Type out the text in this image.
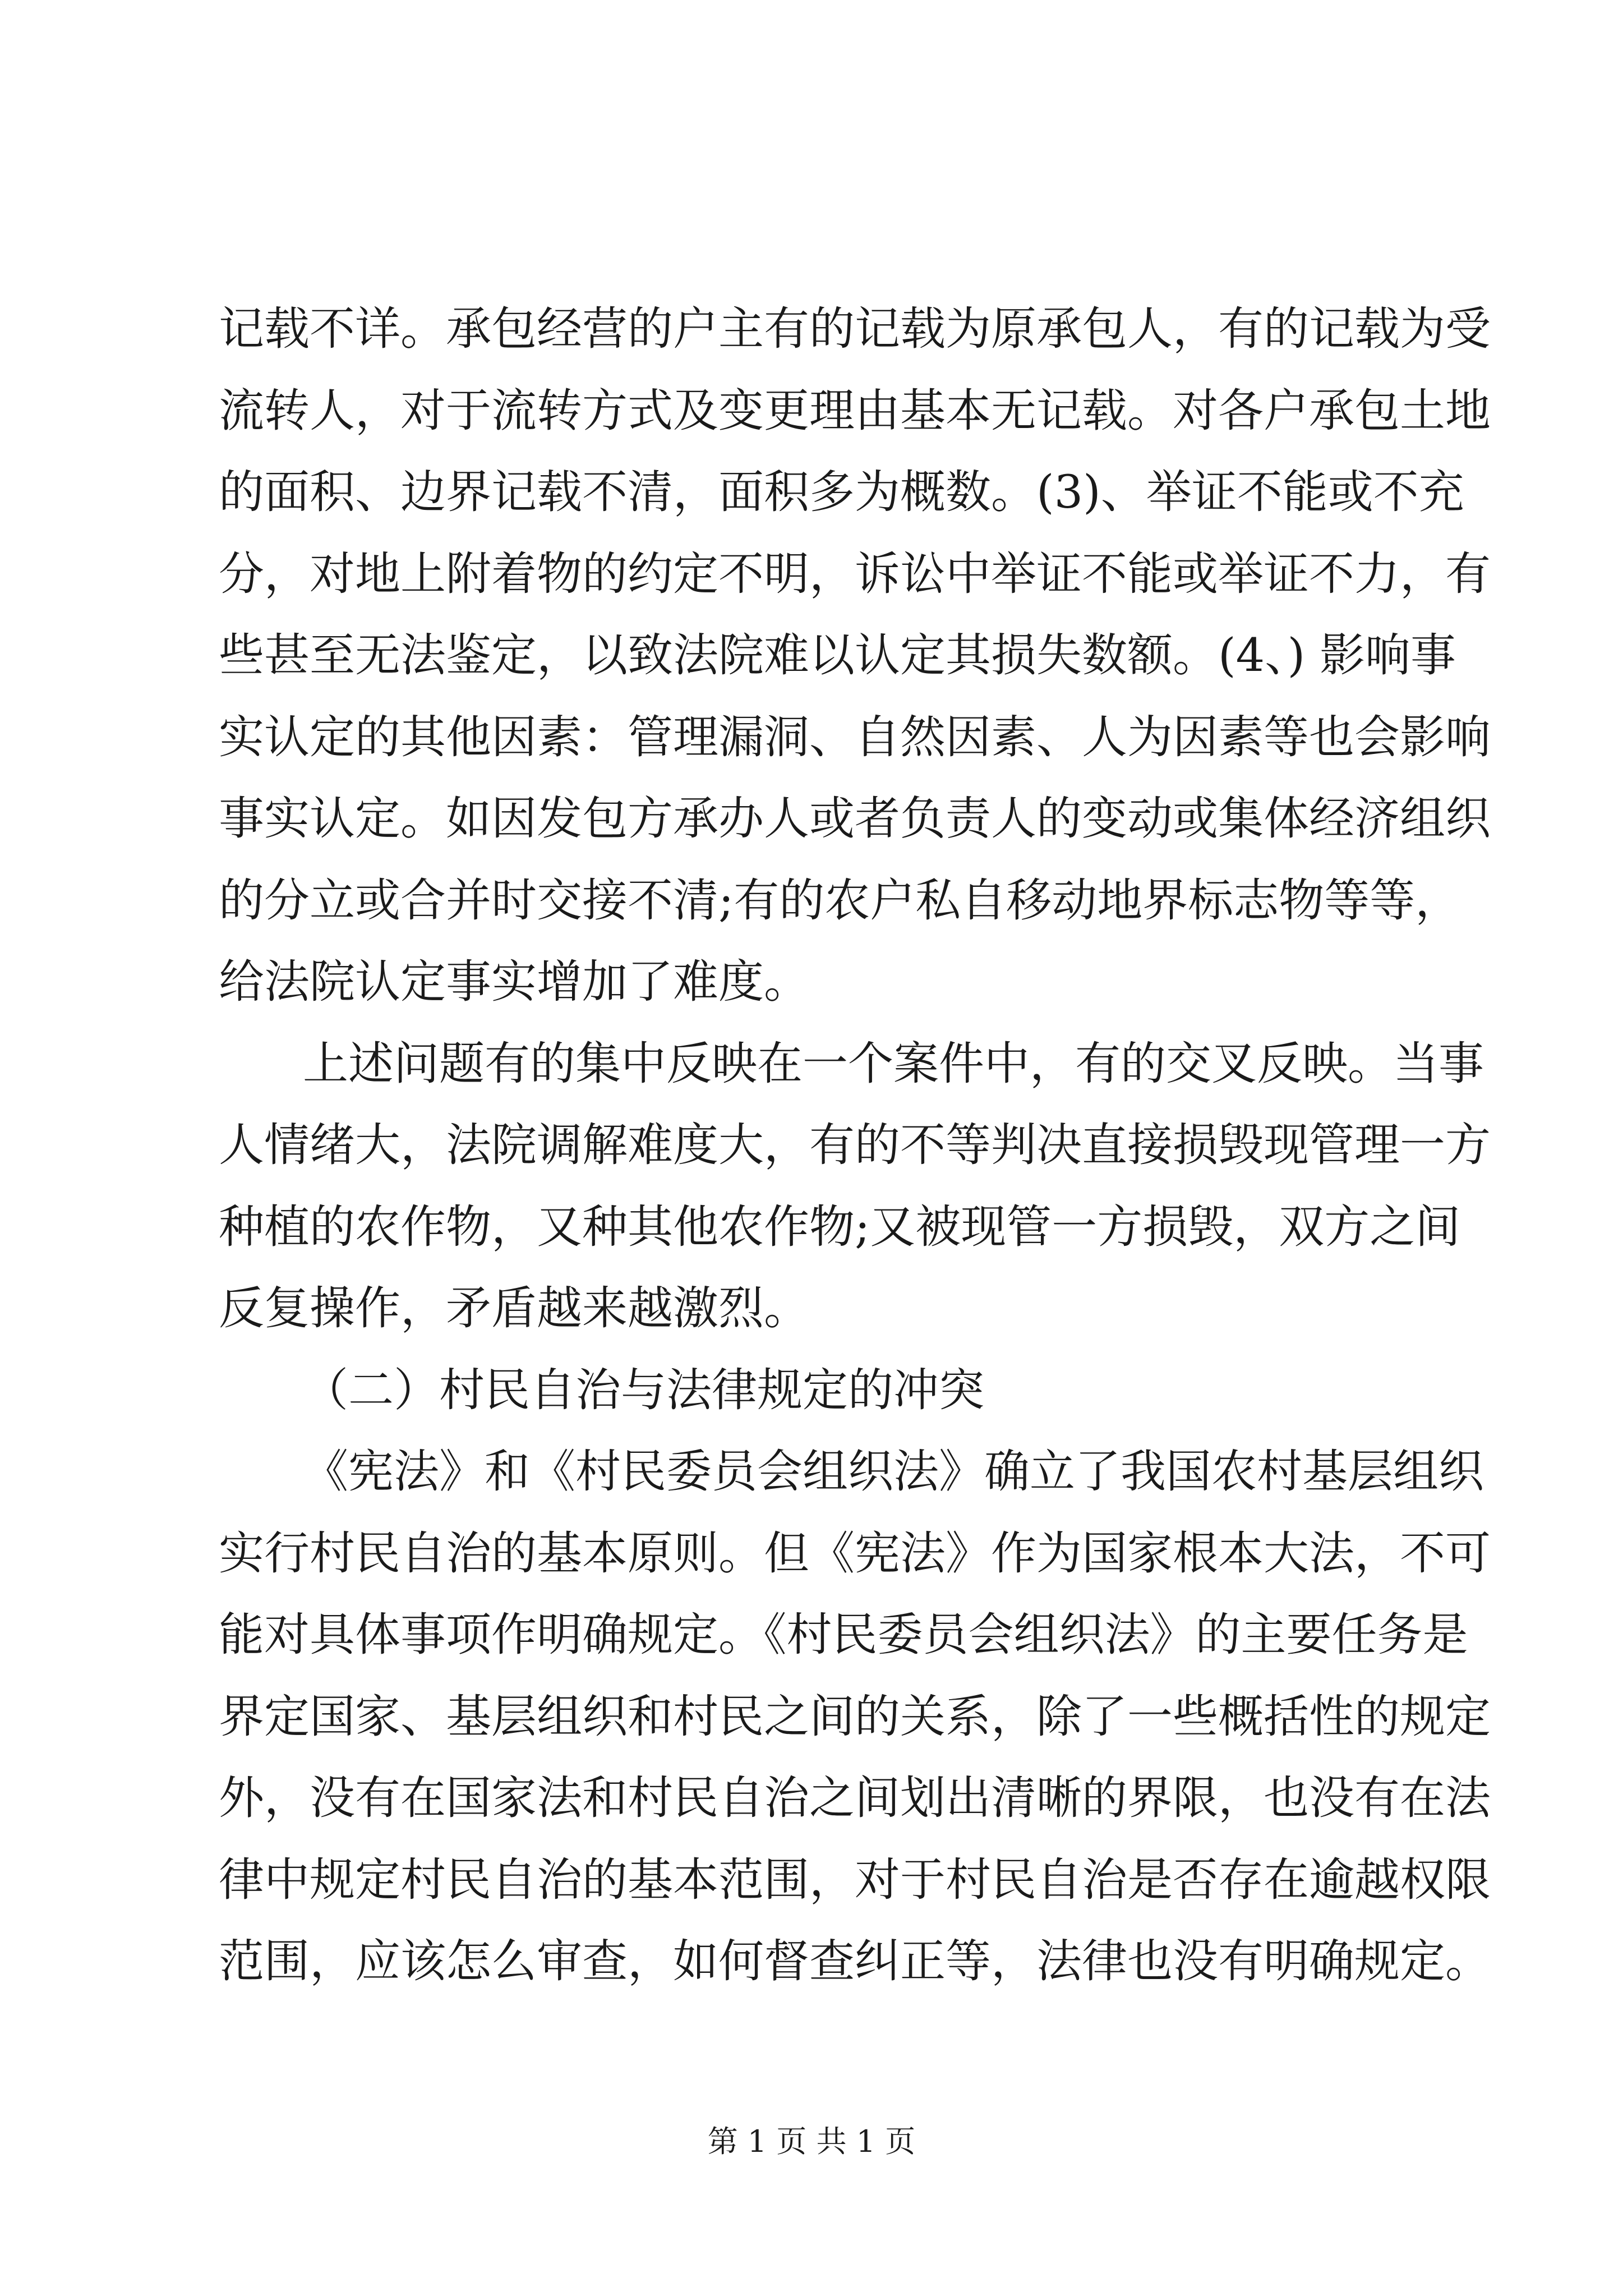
记载不详。承包经营的户主有的记载为原承包人，有的记载为受
流转人，对于流转方式及变更理由基本无记载。对各户承包土地
的面积、边界记载不清，面积多为概数。(3)、举证不能或不充
分，对地上附着物的约定不明，诉讼中举证不能或举证不力，有
些甚至无法鉴定，以致法院难以认定其损失数额。(4、) 影响事
实认定的其他因素：管理漏洞、自然因素、人为因素等也会影响
事实认定。如因发包方承办人或者负责人的变动或集体经济组织
的分立或合并时交接不清;有的农户私自移动地界标志物等等，
给法院认定事实增加了难度。
上述问题有的集中反映在一个案件中，有的交叉反映。当事
人情绪大，法院调解难度大，有的不等判决直接损毁现管理一方
种植的农作物，又种其他农作物;又被现管一方损毁，双方之间
反复操作，矛盾越来越激烈。
（二）村民自治与法律规定的冲突
《宪法》和《村民委员会组织法》确立了我国农村基层组织
实行村民自治的基本原则。但《宪法》作为国家根本大法，不可
能对具体事项作明确规定。《村民委员会组织法》的主要任务是
界定国家、基层组织和村民之间的关系，除了一些概括性的规定
外，没有在国家法和村民自治之间划出清晰的界限，也没有在法
律中规定村民自治的基本范围，对于村民自治是否存在逾越权限
范围，应该怎么审查，如何督查纠正等，法律也没有明确规定。
第 1 页 共 1 页
